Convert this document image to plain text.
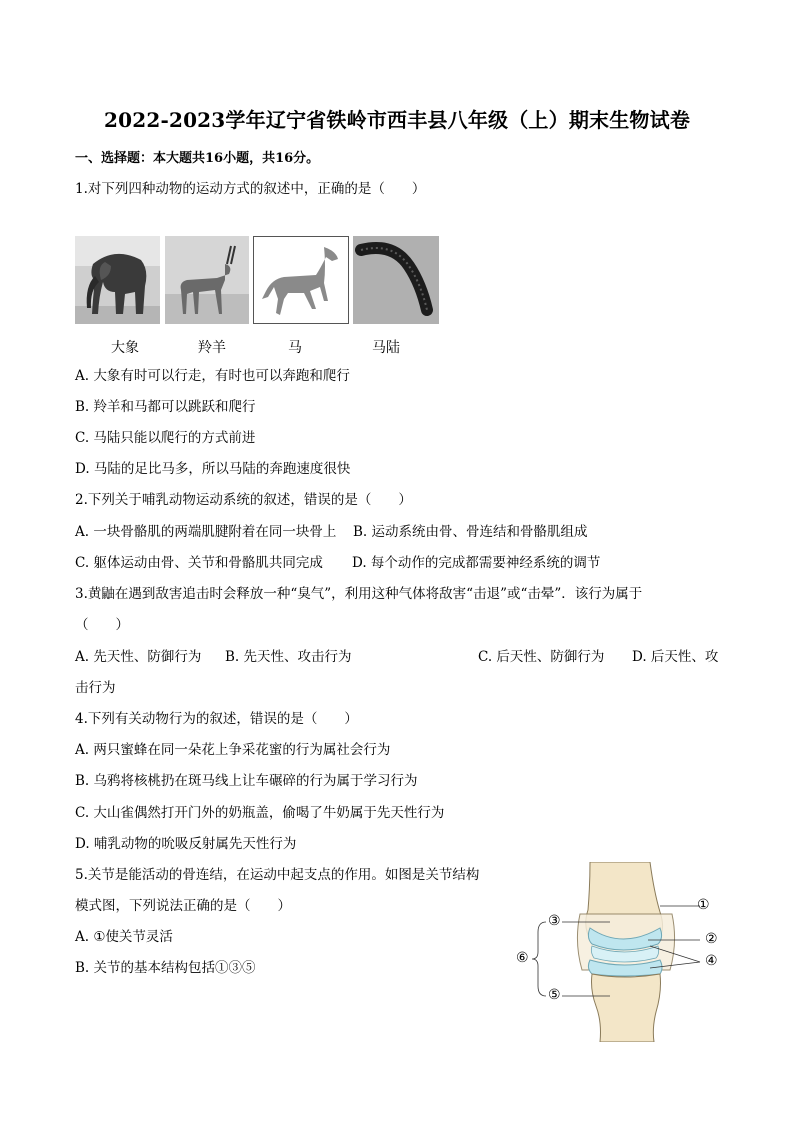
2022-2023学年辽宁省铁岭市西丰县八年级（上）期末生物试卷
一、选择题：本大题共16小题，共16分。
1.对下列四种动物的运动方式的叙述中，正确的是（　　）
大象	羚羊	马	马陆
A. 大象有时可以行走，有时也可以奔跑和爬行
B. 羚羊和马都可以跳跃和爬行
C. 马陆只能以爬行的方式前进
D. 马陆的足比马多，所以马陆的奔跑速度很快
2.下列关于哺乳动物运动系统的叙述，错误的是（　　）
A. 一块骨骼肌的两端肌腱附着在同一块骨上 B. 运动系统由骨、骨连结和骨骼肌组成
C. 躯体运动由骨、关节和骨骼肌共同完成 D. 每个动作的完成都需要神经系统的调节
3.黄鼬在遇到敌害追击时会释放一种“臭气”，利用这种气体将敌害“击退”或“击晕”．该行为属于
（　　）
A. 先天性、防御行为 B. 先天性、攻击行为	C. 后天性、防御行为 D. 后天性、攻
击行为
4.下列有关动物行为的叙述，错误的是（　　）
A. 两只蜜蜂在同一朵花上争采花蜜的行为属社会行为
B. 乌鸦将核桃扔在斑马线上让车碾碎的行为属于学习行为
C. 大山雀偶然打开门外的奶瓶盖，偷喝了牛奶属于先天性行为
D. 哺乳动物的吮吸反射属先天性行为
5.关节是能活动的骨连结，在运动中起支点的作用。如图是关节结构
模式图，下列说法正确的是（　　）
A. ①使关节灵活
B. 关节的基本结构包括①③⑤
①
②
③
④
⑤
⑥
